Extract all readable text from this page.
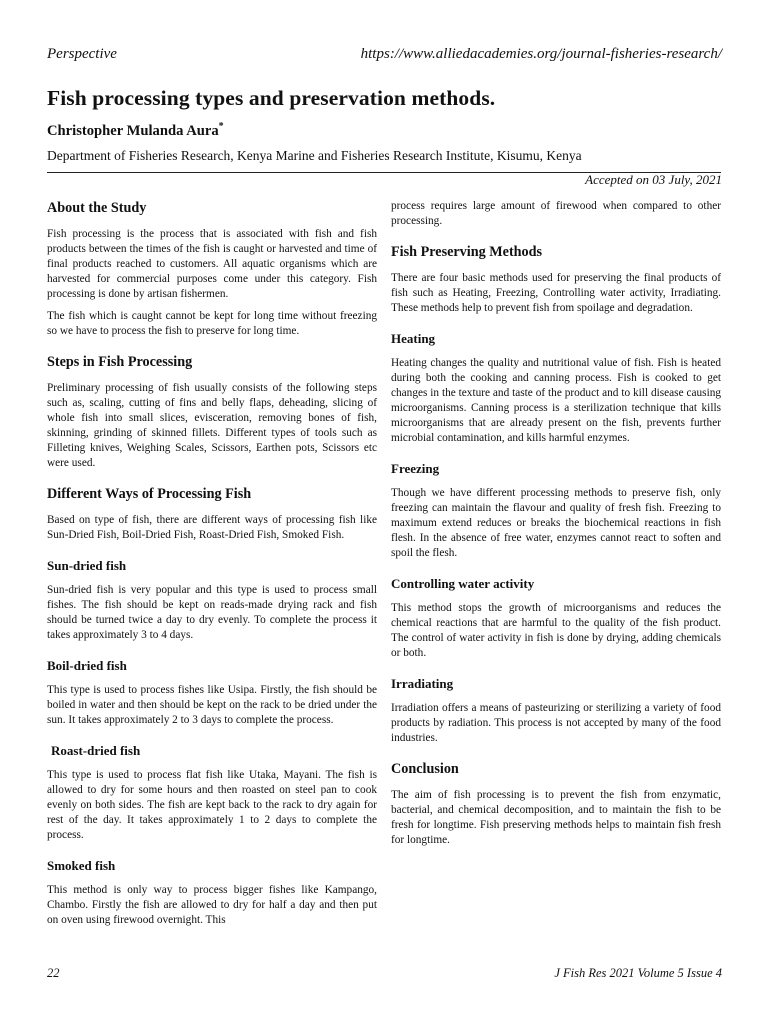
Perspective	https://www.alliedacademies.org/journal-fisheries-research/
Fish processing types and preservation methods.
Christopher Mulanda Aura*
Department of Fisheries Research, Kenya Marine and Fisheries Research Institute, Kisumu, Kenya
Accepted on 03 July, 2021
About the Study

Fish processing is the process that is associated with fish and fish products between the times of the fish is caught or harvested and time of final products reached to customers. All aquatic organisms which are harvested for commercial purposes come under this category. Fish processing is done by artisan fishermen.

The fish which is caught cannot be kept for long time without freezing so we have to process the fish to preserve for long time.

Steps in Fish Processing

Preliminary processing of fish usually consists of the following steps such as, scaling, cutting of fins and belly flaps, deheading, slicing of whole fish into small slices, evisceration, removing bones of fish, skinning, grinding of skinned fillets. Different types of tools such as Filleting knives, Weighing Scales, Scissors, Earthen pots, Scissors etc were used.

Different Ways of Processing Fish

Based on type of fish, there are different ways of processing fish like Sun-Dried Fish, Boil-Dried Fish, Roast-Dried Fish, Smoked Fish.

Sun-dried fish

Sun-dried fish is very popular and this type is used to process small fishes. The fish should be kept on reads-made drying rack and fish should be turned twice a day to dry evenly. To complete the process it takes approximately 3 to 4 days.

Boil-dried fish

This type is used to process fishes like Usipa. Firstly, the fish should be boiled in water and then should be kept on the rack to be dried under the sun. It takes approximately 2 to 3 days to complete the process.

Roast-dried fish

This type is used to process flat fish like Utaka, Mayani. The fish is allowed to dry for some hours and then roasted on steel pan to cook evenly on both sides. The fish are kept back to the rack to dry again for rest of the day. It takes approximately 1 to 2 days to complete the process.

Smoked fish

This method is only way to process bigger fishes like Kampango, Chambo. Firstly the fish are allowed to dry for half a day and then put on oven using firewood overnight. This

process requires large amount of firewood when compared to other processing.

Fish Preserving Methods

There are four basic methods used for preserving the final products of fish such as Heating, Freezing, Controlling water activity, Irradiating. These methods help to prevent fish from spoilage and degradation.

Heating

Heating changes the quality and nutritional value of fish. Fish is heated during both the cooking and canning process. Fish is cooked to get changes in the texture and taste of the product and to kill disease causing microorganisms. Canning process is a sterilization technique that kills microorganisms that are already present on the fish, prevents further microbial contamination, and kills harmful enzymes.

Freezing

Though we have different processing methods to preserve fish, only freezing can maintain the flavour and quality of fresh fish. Freezing to maximum extend reduces or breaks the biochemical reactions in fish flesh. In the absence of free water, enzymes cannot react to soften and spoil the flesh.

Controlling water activity

This method stops the growth of microorganisms and reduces the chemical reactions that are harmful to the quality of the fish product. The control of water activity in fish is done by drying, adding chemicals or both.

Irradiating

Irradiation offers a means of pasteurizing or sterilizing a variety of food products by radiation. This process is not accepted by many of the food industries.

Conclusion

The aim of fish processing is to prevent the fish from enzymatic, bacterial, and chemical decomposition, and to maintain the fish to be fresh for longtime. Fish preserving methods helps to maintain fish fresh for longtime.

22	J Fish Res 2021 Volume 5 Issue 4
